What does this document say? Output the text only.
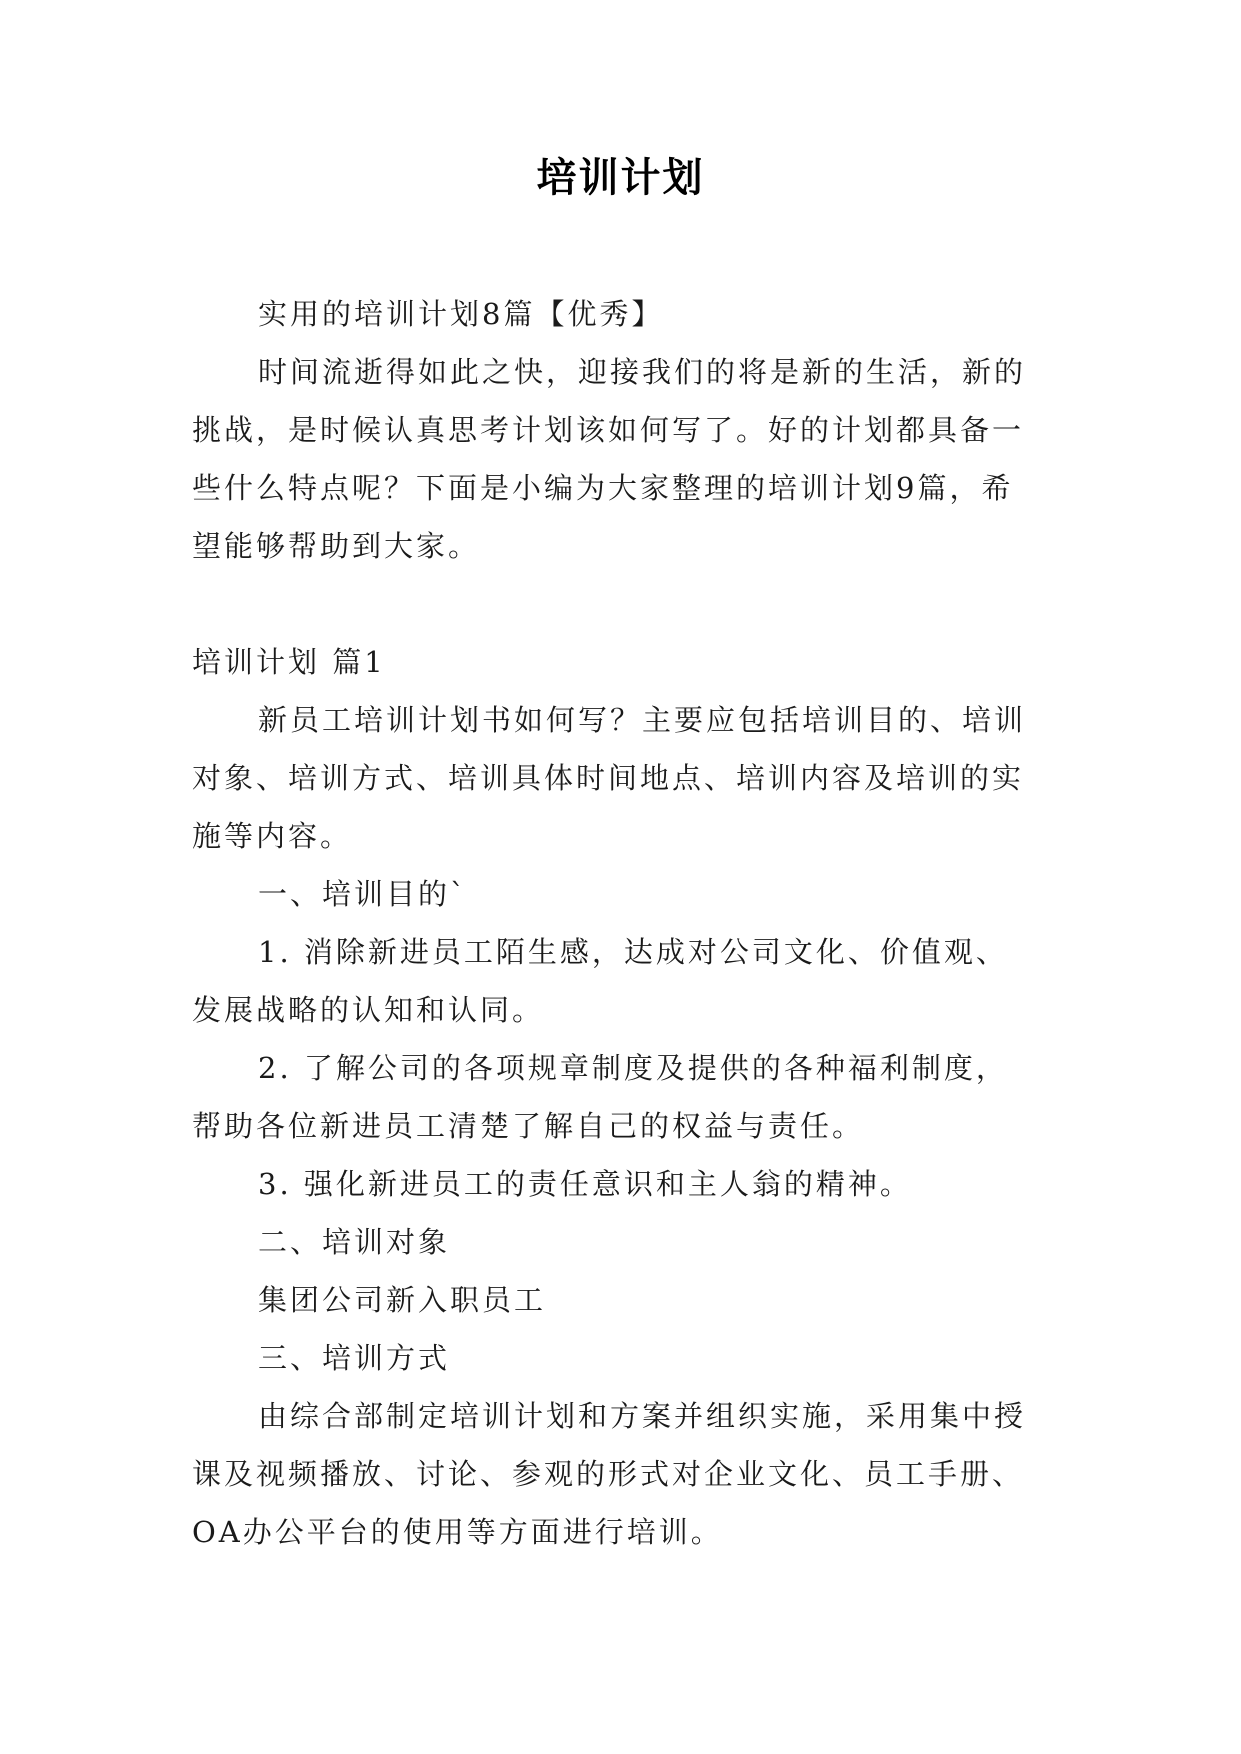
培训计划
实用的培训计划8篇【优秀】
时间流逝得如此之快，迎接我们的将是新的生活，新的
挑战，是时候认真思考计划该如何写了。好的计划都具备一
些什么特点呢？下面是小编为大家整理的培训计划9篇，希
望能够帮助到大家。
培训计划 篇1
新员工培训计划书如何写？主要应包括培训目的、培训
对象、培训方式、培训具体时间地点、培训内容及培训的实
施等内容。
一、培训目的`
1. 消除新进员工陌生感，达成对公司文化、价值观、
发展战略的认知和认同。
2. 了解公司的各项规章制度及提供的各种福利制度，
帮助各位新进员工清楚了解自己的权益与责任。
3. 强化新进员工的责任意识和主人翁的精神。
二、培训对象
集团公司新入职员工
三、培训方式
由综合部制定培训计划和方案并组织实施，采用集中授
课及视频播放、讨论、参观的形式对企业文化、员工手册、
OA办公平台的使用等方面进行培训。
